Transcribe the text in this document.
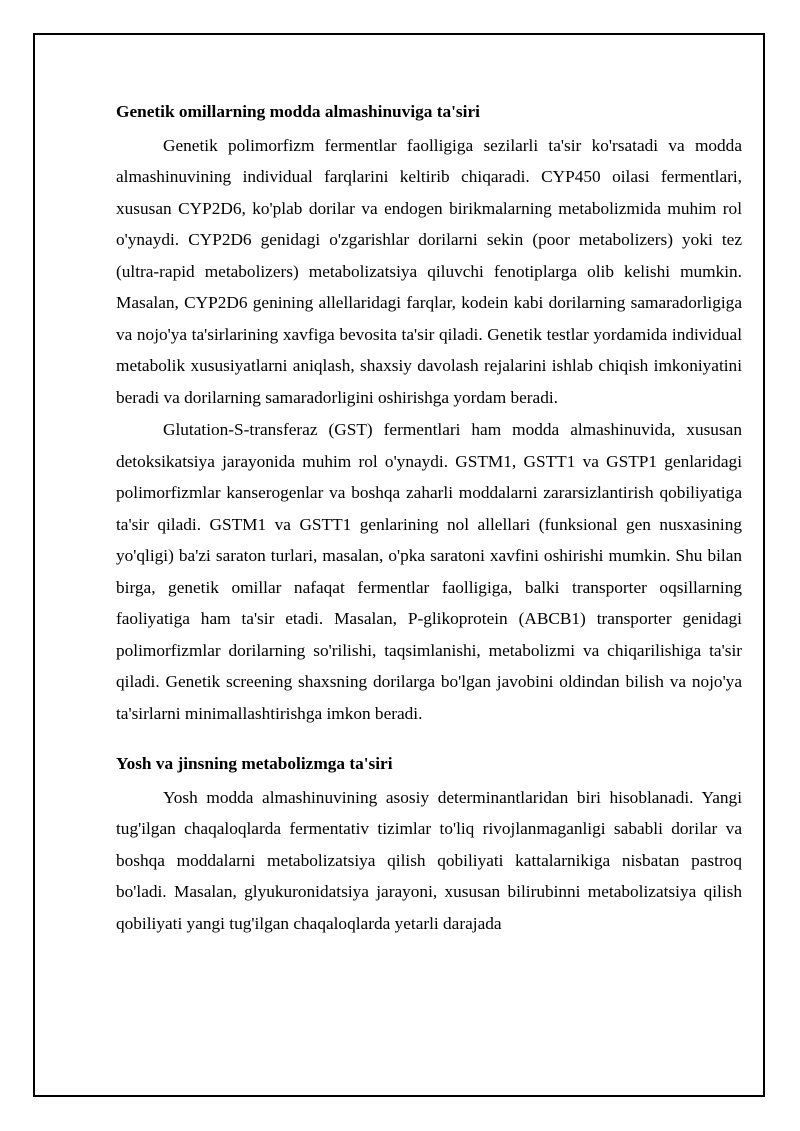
Genetik omillarning modda almashinuviga ta'siri

Genetik polimorfizm fermentlar faolligiga sezilarli ta'sir ko'rsatadi va modda almashinuvining individual farqlarini keltirib chiqaradi. CYP450 oilasi fermentlari, xususan CYP2D6, ko'plab dorilar va endogen birikmalarning metabolizmida muhim rol o'ynaydi. CYP2D6 genidagi o'zgarishlar dorilarni sekin (poor metabolizers) yoki tez (ultra-rapid metabolizers) metabolizatsiya qiluvchi fenotiplarga olib kelishi mumkin. Masalan, CYP2D6 genining allellaridagi farqlar, kodein kabi dorilarning samaradorligiga va nojo'ya ta'sirlarining xavfiga bevosita ta'sir qiladi. Genetik testlar yordamida individual metabolik xususiyatlarni aniqlash, shaxsiy davolash rejalarini ishlab chiqish imkoniyatini beradi va dorilarning samaradorligini oshirishga yordam beradi.

Glutation-S-transferaz (GST) fermentlari ham modda almashinuvida, xususan detoksikatsiya jarayonida muhim rol o'ynaydi. GSTM1, GSTT1 va GSTP1 genlaridagi polimorfizmlar kanserogenlar va boshqa zaharli moddalarni zararsizlantirish qobiliyatiga ta'sir qiladi. GSTM1 va GSTT1 genlarining nol allellari (funksional gen nusxasining yo'qligi) ba'zi saraton turlari, masalan, o'pka saratoni xavfini oshirishi mumkin. Shu bilan birga, genetik omillar nafaqat fermentlar faolligiga, balki transporter oqsillarning faoliyatiga ham ta'sir etadi. Masalan, P-glikoprotein (ABCB1) transporter genidagi polimorfizmlar dorilarning so'rilishi, taqsimlanishi, metabolizmi va chiqarilishiga ta'sir qiladi. Genetik screening shaxsning dorilarga bo'lgan javobini oldindan bilish va nojo'ya ta'sirlarni minimallashtirishga imkon beradi.

Yosh va jinsning metabolizmga ta'siri

Yosh modda almashinuvining asosiy determinantlaridan biri hisoblanadi. Yangi tug'ilgan chaqaloqlarda fermentativ tizimlar to'liq rivojlanmaganligi sababli dorilar va boshqa moddalarni metabolizatsiya qilish qobiliyati kattalarnikiga nisbatan pastroq bo'ladi. Masalan, glyukuronidatsiya jarayoni, xususan bilirubinni metabolizatsiya qilish qobiliyati yangi tug'ilgan chaqaloqlarda yetarli darajada
